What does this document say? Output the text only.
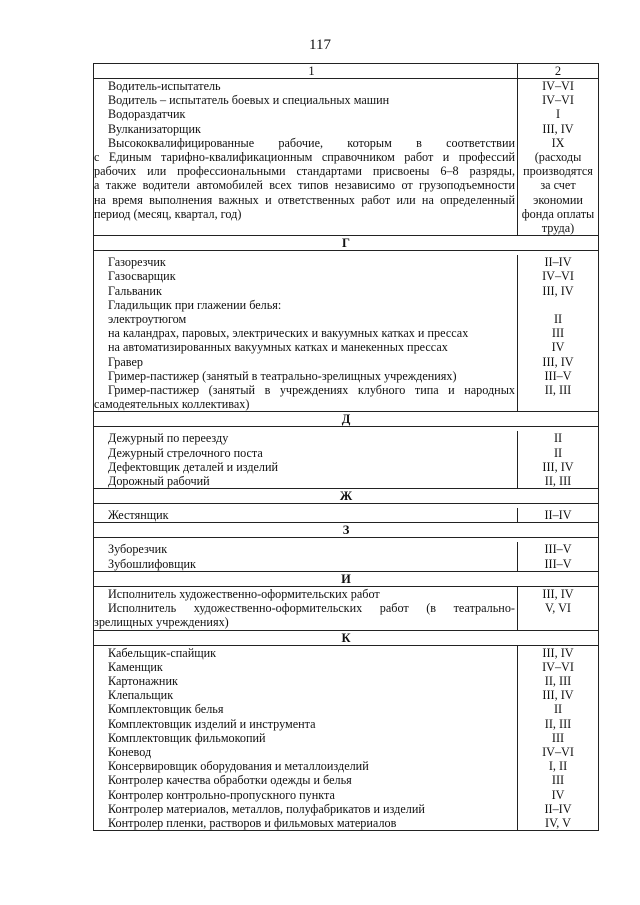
117
1	2
Водитель-испытатель
Водитель – испытатель боевых и специальных машин
Водораздатчик
Вулканизаторщик
Высококвалифицированные рабочие, которым в соответствии
с Единым тарифно-квалификационным справочником работ и профессий
рабочих или профессиональными стандартами присвоены 6–8 разряды,
а также водители автомобилей всех типов независимо от грузоподъемности
на время выполнения важных и ответственных работ или на определенный
период (месяц, квартал, год)
IV–VI
IV–VI
I
III, IV
IX
(расходы
производятся
за счет
экономии
фонда оплаты
труда)
Г
Газорезчик
Газосварщик
Гальваник
Гладильщик при глажении белья:
электроутюгом
на каландрах, паровых, электрических и вакуумных катках и прессах
на автоматизированных вакуумных катках и манекенных прессах
Гравер
Гример-пастижер (занятый в театрально-зрелищных учреждениях)
Гример-пастижер (занятый в учреждениях клубного типа и народных
самодеятельных коллективах)
II–IV
IV–VI
III, IV

II
III
IV
III, IV
III–V
II, III

Д
Дежурный по переезду
Дежурный стрелочного поста
Дефектовщик деталей и изделий
Дорожный рабочий
II
II
III, IV
II, III
Ж
Жестянщик	II–IV
З
Зуборезчик
Зубошлифовщик
III–V
III–V
И
Исполнитель художественно-оформительских работ
Исполнитель художественно-оформительских работ (в театрально-
зрелищных учреждениях)
III, IV
V, VI

К
Кабельщик-спайщик
Каменщик
Картонажник
Клепальщик
Комплектовщик белья
Комплектовщик изделий и инструмента
Комплектовщик фильмокопий
Коневод
Консервировщик оборудования и металлоизделий
Контролер качества обработки одежды и белья
Контролер контрольно-пропускного пункта
Контролер материалов, металлов, полуфабрикатов и изделий
Контролер пленки, растворов и фильмовых материалов
III, IV
IV–VI
II, III
III, IV
II
II, III
III
IV–VI
I, II
III
IV
II–IV
IV, V
